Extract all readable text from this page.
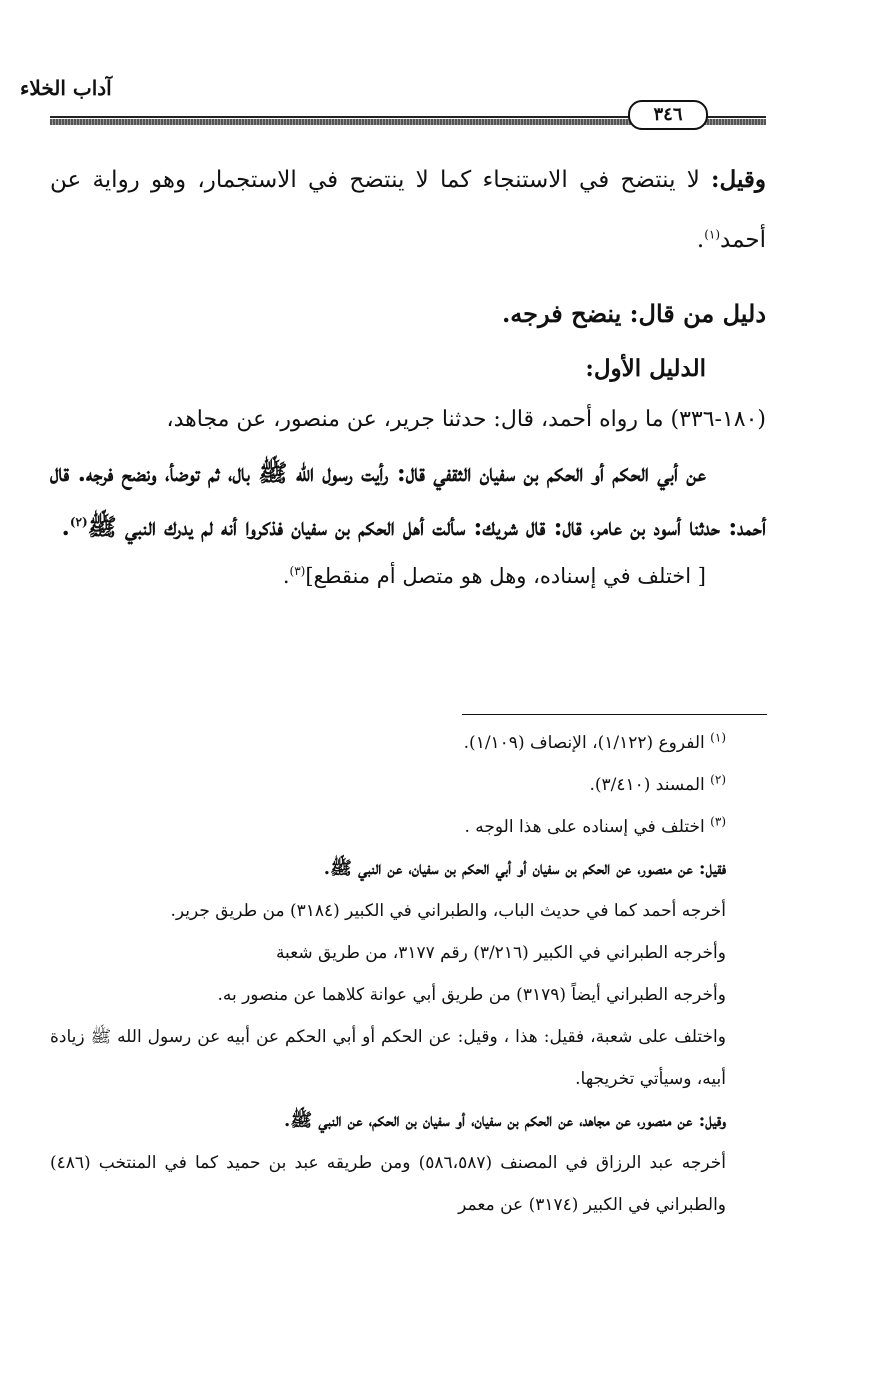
آداب الخلاء
٣٤٦

وقيل: لا ينتضح في الاستنجاء كما لا ينتضح في الاستجمار، وهو رواية عن أحمد$^{(١)}$.

دليل من قال: ينضح فرجه.

الدليل الأول:

(١٨٠-٣٣٦) ما رواه أحمد، قال: حدثنا جرير، عن منصور، عن مجاهد،

عن أبي الحكم أو الحكم بن سفيان الثقفي قال: رأيت رسول الله ﷺ بال، ثم توضأ، ونضح فرجه. قال أحمد: حدثنا أسود بن عامر، قال: قال شريك: سألت أهل الحكم بن سفيان فذكروا أنه لم يدرك النبي ﷺ$^{(٢)}$.

[ اختلف في إسناده، وهل هو متصل أم منقطع]$^{(٣)}$.

$^{(١)}$ الفروع (١/١٢٢)، الإنصاف (١/١٠٩).

$^{(٢)}$ المسند (٣/٤١٠).

$^{(٣)}$ اختلف في إسناده على هذا الوجه .

فقيل: عن منصور، عن الحكم بن سفيان أو أبي الحكم بن سفيان، عن النبي ﷺ.

أخرجه أحمد كما في حديث الباب، والطبراني في الكبير (٣١٨٤) من طريق جرير.

وأخرجه الطبراني في الكبير (٣/٢١٦) رقم ٣١٧٧، من طريق شعبة

وأخرجه الطبراني أيضاً (٣١٧٩) من طريق أبي عوانة كلاهما عن منصور به.

واختلف على شعبة، فقيل: هذا ، وقيل: عن الحكم أو أبي الحكم عن أبيه عن رسول الله ﷺ زيادة أبيه، وسيأتي تخريجها.

وقيل: عن منصور، عن مجاهد، عن الحكم بن سفيان، أو سفيان بن الحكم، عن النبي ﷺ.

أخرجه عبد الرزاق في المصنف (٥٨٦،٥٨٧) ومن طريقه عبد بن حميد كما في المنتخب (٤٨٦) والطبراني في الكبير (٣١٧٤) عن معمر
